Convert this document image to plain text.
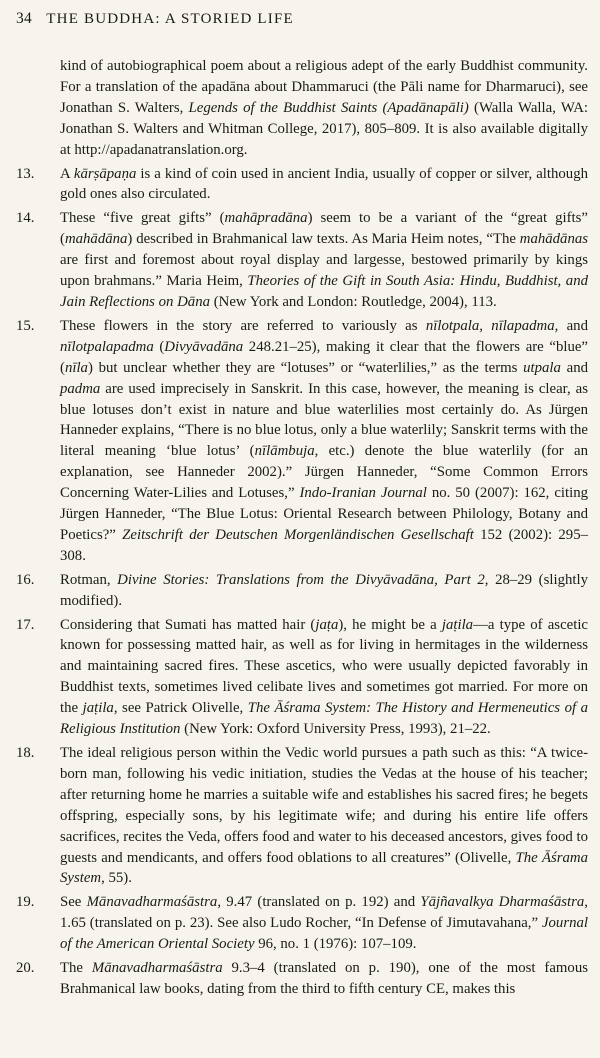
34 THE BUDDHA: A STORIED LIFE
kind of autobiographical poem about a religious adept of the early Buddhist community. For a translation of the apadāna about Dhammaruci (the Pāli name for Dharmaruci), see Jonathan S. Walters, Legends of the Buddhist Saints (Apadānapāli) (Walla Walla, WA: Jonathan S. Walters and Whitman College, 2017), 805–809. It is also available digitally at http://apadanatranslation.org.
13.	A kārṣāpaṇa is a kind of coin used in ancient India, usually of copper or silver, although gold ones also circulated.
14.	These “five great gifts” (mahāpradāna) seem to be a variant of the “great gifts” (mahādāna) described in Brahmanical law texts. As Maria Heim notes, “The mahādānas are first and foremost about royal display and largesse, bestowed primarily by kings upon brahmans.” Maria Heim, Theories of the Gift in South Asia: Hindu, Buddhist, and Jain Reflections on Dāna (New York and London: Routledge, 2004), 113.
15.	These flowers in the story are referred to variously as nīlotpala, nīlapadma, and nīlotpalapadma (Divyāvadāna 248.21–25), making it clear that the flowers are “blue” (nīla) but unclear whether they are “lotuses” or “waterlilies,” as the terms utpala and padma are used imprecisely in Sanskrit. In this case, however, the meaning is clear, as blue lotuses don’t exist in nature and blue waterlilies most certainly do. As Jürgen Hanneder explains, “There is no blue lotus, only a blue waterlily; Sanskrit terms with the literal meaning ‘blue lotus’ (nīlāmbuja, etc.) denote the blue waterlily (for an explanation, see Hanneder 2002).” Jürgen Hanneder, “Some Common Errors Concerning Water-Lilies and Lotuses,” Indo-Iranian Journal no. 50 (2007): 162, citing Jürgen Hanneder, “The Blue Lotus: Oriental Research between Philology, Botany and Poetics?” Zeitschrift der Deutschen Morgenländischen Gesellschaft 152 (2002): 295–308.
16.	Rotman, Divine Stories: Translations from the Divyāvadāna, Part 2, 28–29 (slightly modified).
17.	Considering that Sumati has matted hair (jaṭa), he might be a jaṭila—a type of ascetic known for possessing matted hair, as well as for living in hermitages in the wilderness and maintaining sacred fires. These ascetics, who were usually depicted favorably in Buddhist texts, sometimes lived celibate lives and sometimes got married. For more on the jaṭila, see Patrick Olivelle, The Āśrama System: The History and Hermeneutics of a Religious Institution (New York: Oxford University Press, 1993), 21–22.
18.	The ideal religious person within the Vedic world pursues a path such as this: “A twice-born man, following his vedic initiation, studies the Vedas at the house of his teacher; after returning home he marries a suitable wife and establishes his sacred fires; he begets offspring, especially sons, by his legitimate wife; and during his entire life offers sacrifices, recites the Veda, offers food and water to his deceased ancestors, gives food to guests and mendicants, and offers food oblations to all creatures” (Olivelle, The Āśrama System, 55).
19.	See Mānavadharmaśāstra, 9.47 (translated on p. 192) and Yājñavalkya Dharmaśāstra, 1.65 (translated on p. 23). See also Ludo Rocher, “In Defense of Jimutavahana,” Journal of the American Oriental Society 96, no. 1 (1976): 107–109.
20.	The Mānavadharmaśāstra 9.3–4 (translated on p. 190), one of the most famous Brahmanical law books, dating from the third to fifth century CE, makes this
